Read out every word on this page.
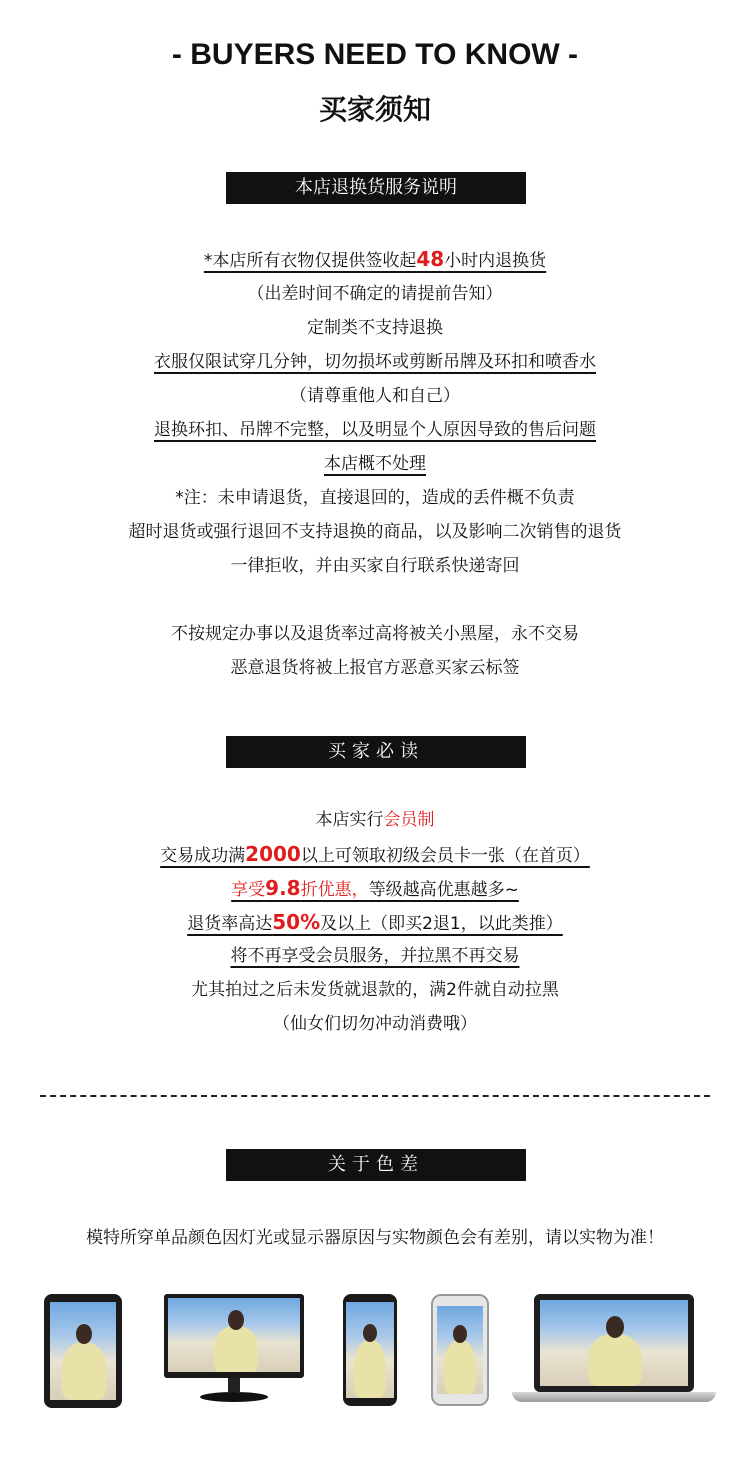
- BUYERS NEED TO KNOW -
买家须知
本店退换货服务说明
*本店所有衣物仅提供签收起48小时内退换货
（出差时间不确定的请提前告知）
定制类不支持退换
衣服仅限试穿几分钟，切勿损坏或剪断吊牌及环扣和喷香水
（请尊重他人和自己）
退换环扣、吊牌不完整，以及明显个人原因导致的售后问题
本店概不处理
*注：未申请退货，直接退回的，造成的丢件概不负责
超时退货或强行退回不支持退换的商品，以及影响二次销售的退货
一律拒收，并由买家自行联系快递寄回
不按规定办事以及退货率过高将被关小黑屋，永不交易
恶意退货将被上报官方恶意买家云标签
买家必读
本店实行会员制
交易成功满2000以上可领取初级会员卡一张（在首页）
享受9.8折优惠，等级越高优惠越多~
退货率高达50%及以上（即买2退1，以此类推）
将不再享受会员服务，并拉黑不再交易
尤其拍过之后未发货就退款的，满2件就自动拉黑
（仙女们切勿冲动消费哦）
关于色差
模特所穿单品颜色因灯光或显示器原因与实物颜色会有差别，请以实物为准！
